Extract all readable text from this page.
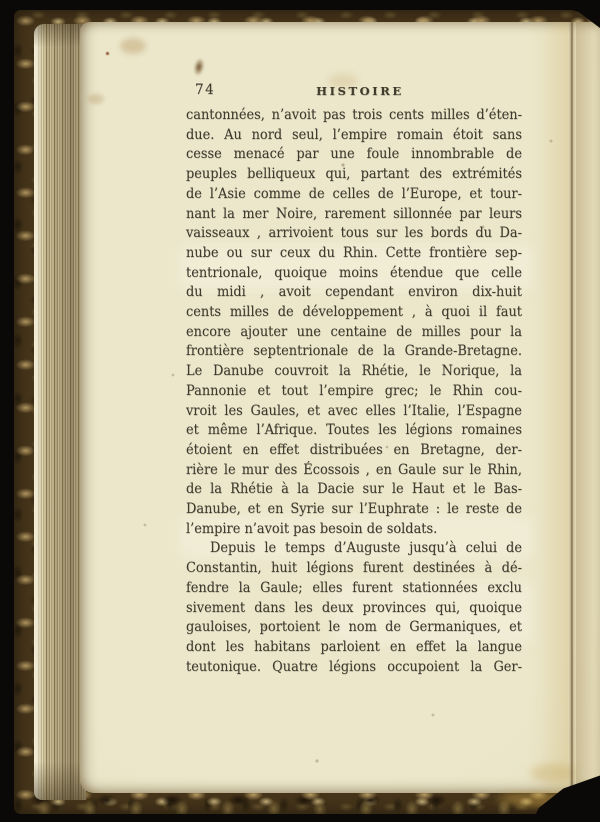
74	HISTOIRE
cantonnées, n’avoit pas trois cents milles d’éten-
due. Au nord seul, l’empire romain étoit sans
cesse menacé par une foule innombrable de
peuples belliqueux qui, partant des extrémités
de l’Asie comme de celles de l’Europe, et tour-
nant la mer Noire, rarement sillonnée par leurs
vaisseaux , arrivoient tous sur les bords du Da-
nube ou sur ceux du Rhin. Cette frontière sep-
tentrionale, quoique moins étendue que celle
du midi , avoit cependant environ dix-huit
cents milles de développement , à quoi il faut
encore ajouter une centaine de milles pour la
frontière septentrionale de la Grande-Bretagne.
Le Danube couvroit la Rhétie, le Norique, la
Pannonie et tout l’empire grec; le Rhin cou-
vroit les Gaules, et avec elles l’Italie, l’Espagne
et même l’Afrique. Toutes les légions romaines
étoient en effet distribuées en Bretagne, der-
rière le mur des Écossois , en Gaule sur le Rhin,
de la Rhétie à la Dacie sur le Haut et le Bas-
Danube, et en Syrie sur l’Euphrate : le reste de
l’empire n’avoit pas besoin de soldats.
Depuis le temps d’Auguste jusqu’à celui de
Constantin, huit légions furent destinées à dé-
fendre la Gaule; elles furent stationnées exclu
sivement dans les deux provinces qui, quoique
gauloises, portoient le nom de Germaniques, et
dont les habitans parloient en effet la langue
teutonique. Quatre légions occupoient la Ger-
